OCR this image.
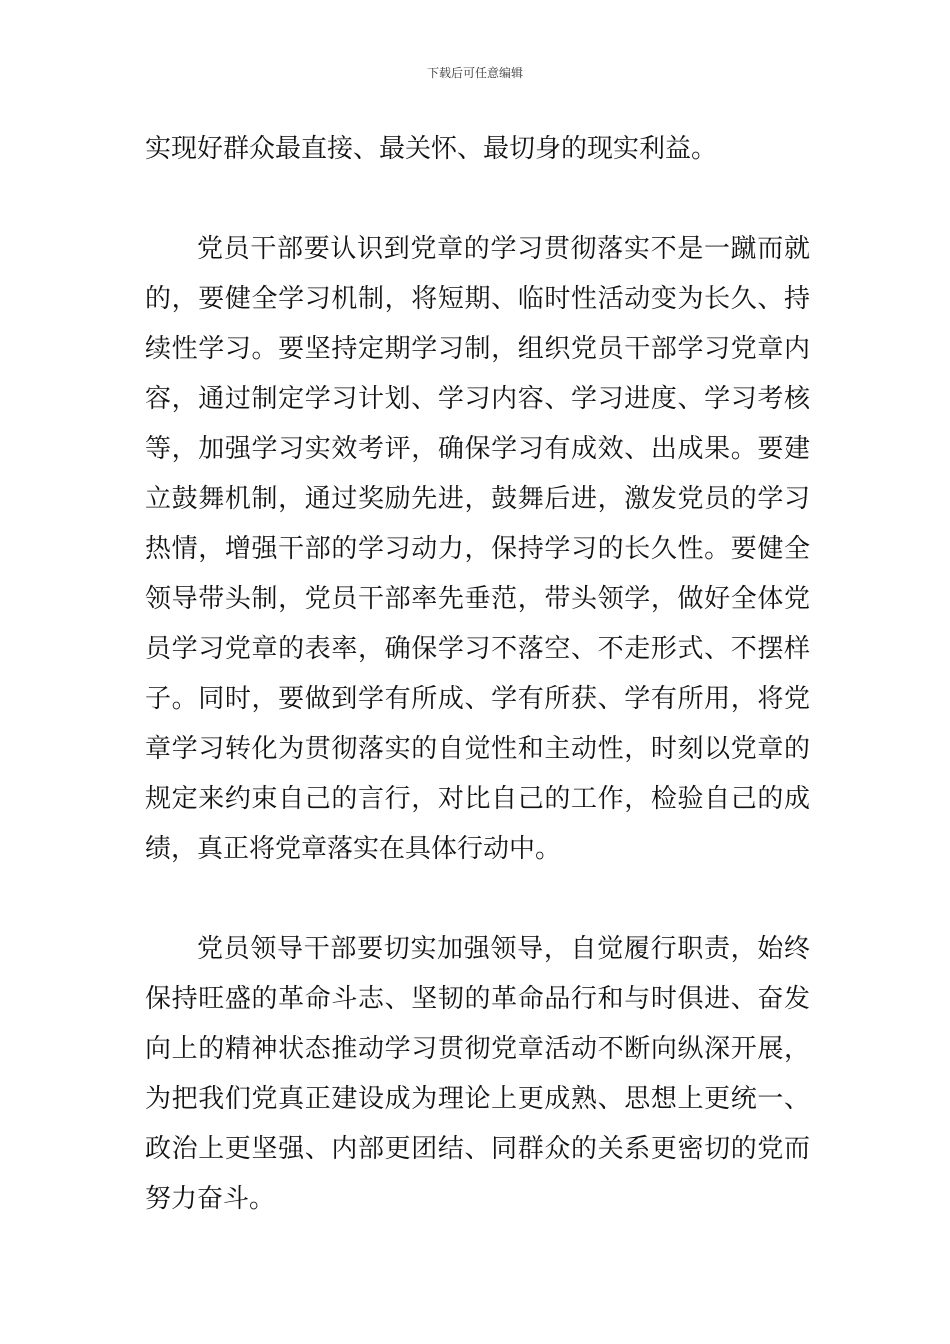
下载后可任意编辑

实现好群众最直接、最关怀、最切身的现实利益。

党员干部要认识到党章的学习贯彻落实不是一蹴而就的，要健全学习机制，将短期、临时性活动变为长久、持续性学习。要坚持定期学习制，组织党员干部学习党章内容，通过制定学习计划、学习内容、学习进度、学习考核等，加强学习实效考评，确保学习有成效、出成果。要建立鼓舞机制，通过奖励先进，鼓舞后进，激发党员的学习热情，增强干部的学习动力，保持学习的长久性。要健全领导带头制，党员干部率先垂范，带头领学，做好全体党员学习党章的表率，确保学习不落空、不走形式、不摆样子。同时，要做到学有所成、学有所获、学有所用，将党章学习转化为贯彻落实的自觉性和主动性，时刻以党章的规定来约束自己的言行，对比自己的工作，检验自己的成绩，真正将党章落实在具体行动中。

党员领导干部要切实加强领导，自觉履行职责，始终保持旺盛的革命斗志、坚韧的革命品行和与时俱进、奋发向上的精神状态推动学习贯彻党章活动不断向纵深开展，为把我们党真正建设成为理论上更成熟、思想上更统一、政治上更坚强、内部更团结、同群众的关系更密切的党而努力奋斗。
